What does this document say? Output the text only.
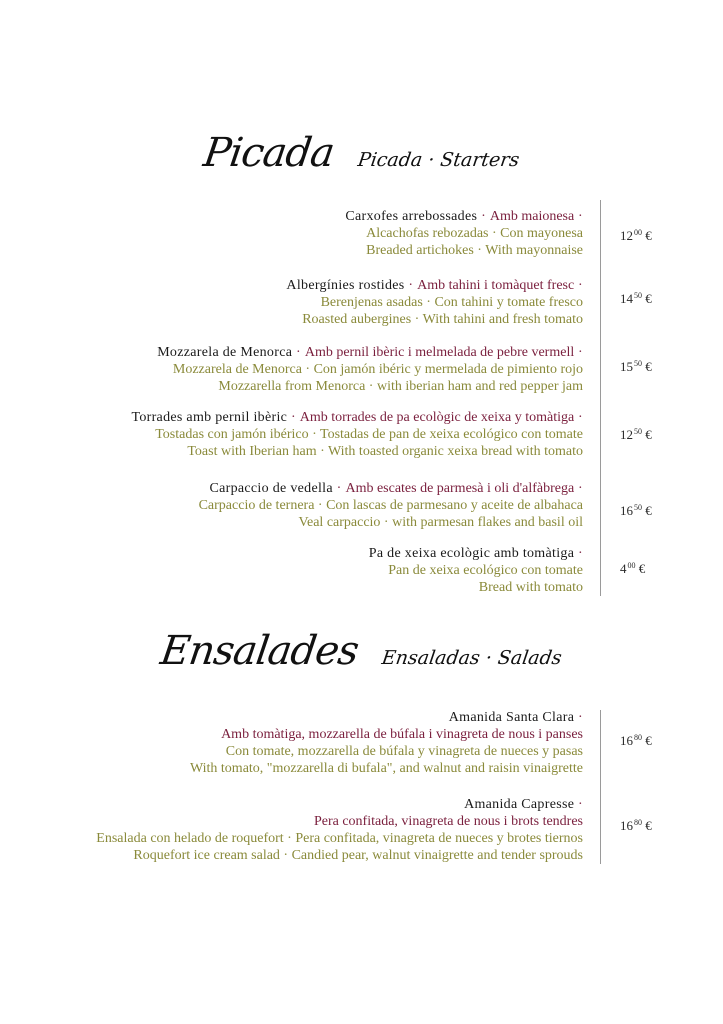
Picada Picada · Starters
Carxofes arrebossades · Amb maionesa ·
Alcachofas rebozadas · Con mayonesa
Breaded artichokes · With mayonnaise
$12^{00}$ €
Albergínies rostides · Amb tahini i tomàquet fresc ·
Berenjenas asadas · Con tahini y tomate fresco
Roasted aubergines · With tahini and fresh tomato
$14^{50}$ €
Mozzarela de Menorca · Amb pernil ibèric i melmelada de pebre vermell ·
Mozzarela de Menorca · Con jamón ibéric y mermelada de pimiento rojo
Mozzarella from Menorca · with iberian ham and red pepper jam
$15^{50}$ €
Torrades amb pernil ibèric · Amb torrades de pa ecològic de xeixa y tomàtiga ·
Tostadas con jamón ibérico · Tostadas de pan de xeixa ecológico con tomate
Toast with Iberian ham · With toasted organic xeixa bread with tomato
$12^{50}$ €
Carpaccio de vedella · Amb escates de parmesà i oli d'alfàbrega ·
Carpaccio de ternera · Con lascas de parmesano y aceite de albahaca
Veal carpaccio · with parmesan flakes and basil oil
$16^{50}$ €
Pa de xeixa ecològic amb tomàtiga ·
Pan de xeixa ecológico con tomate
Bread with tomato
$4^{00}$ €
Ensalades Ensaladas · Salads
Amanida Santa Clara ·
Amb tomàtiga, mozzarella de búfala i vinagreta de nous i panses
Con tomate, mozzarella de búfala y vinagreta de nueces y pasas
With tomato, "mozzarella di bufala", and walnut and raisin vinaigrette
$16^{80}$ €
Amanida Capresse ·
Pera confitada, vinagreta de nous i brots tendres
Ensalada con helado de roquefort · Pera confitada, vinagreta de nueces y brotes tiernos
Roquefort ice cream salad · Candied pear, walnut vinaigrette and tender sprouds
$16^{80}$ €
